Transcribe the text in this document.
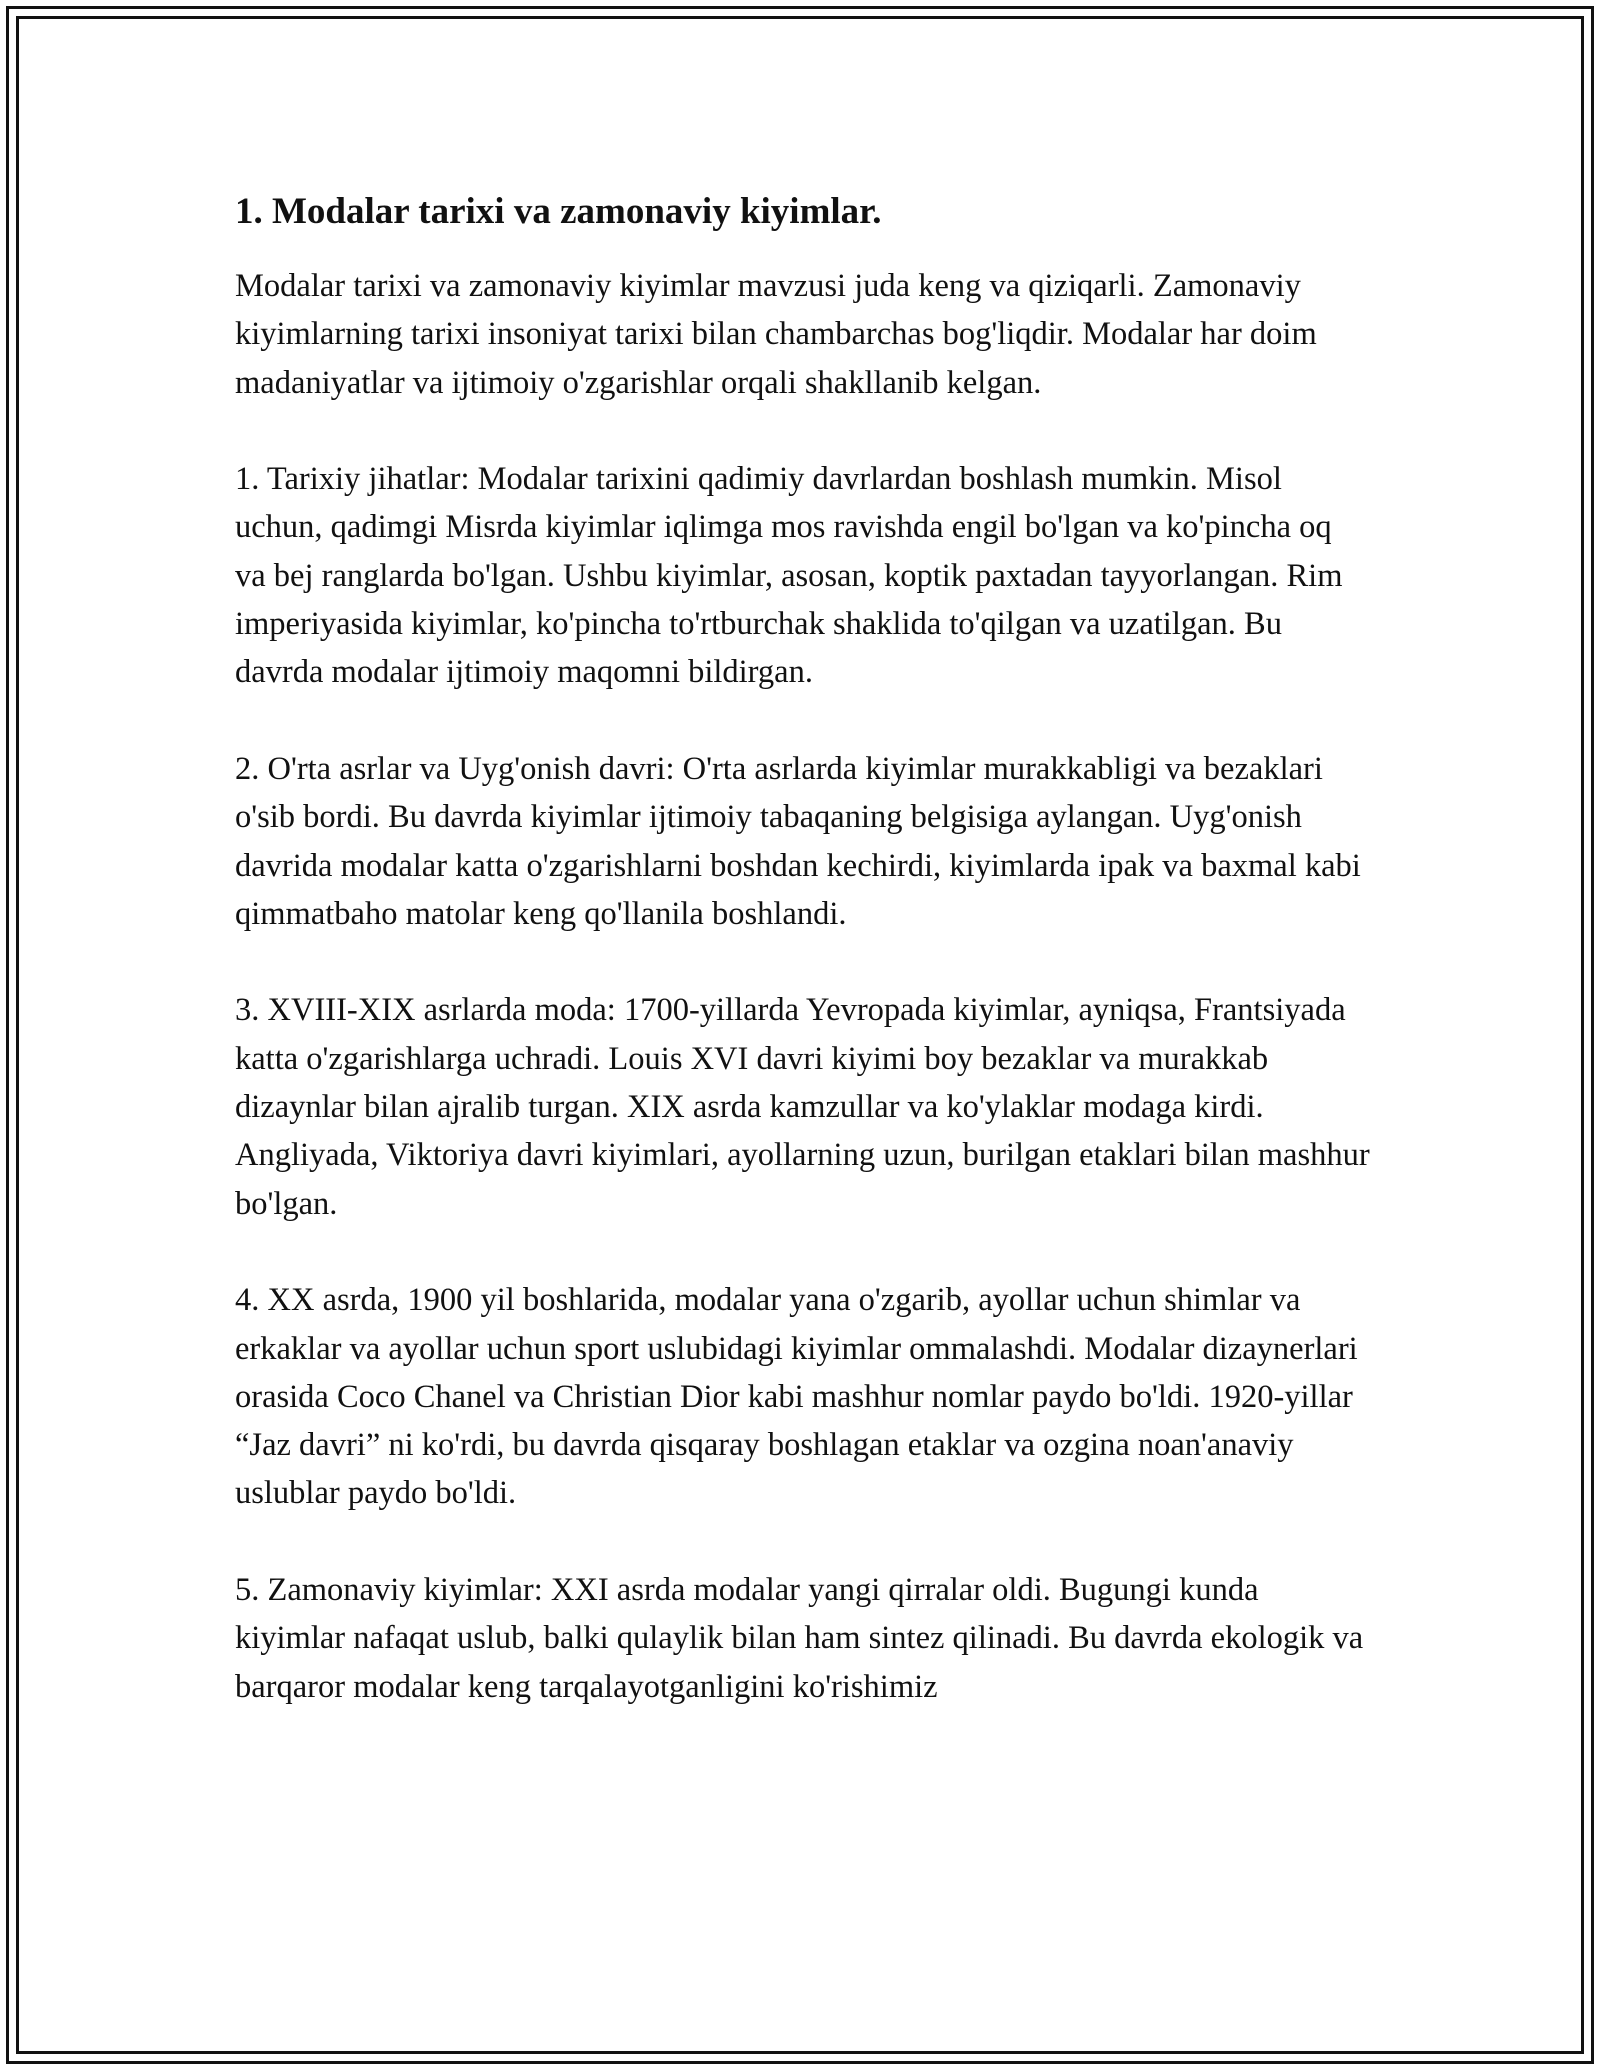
1. Modalar tarixi va zamonaviy kiyimlar.

Modalar tarixi va zamonaviy kiyimlar mavzusi juda keng va qiziqarli. Zamonaviy kiyimlarning tarixi insoniyat tarixi bilan chambarchas bog'liqdir. Modalar har doim madaniyatlar va ijtimoiy o'zgarishlar orqali shakllanib kelgan.

1. Tarixiy jihatlar: Modalar tarixini qadimiy davrlardan boshlash mumkin. Misol uchun, qadimgi Misrda kiyimlar iqlimga mos ravishda engil bo'lgan va ko'pincha oq va bej ranglarda bo'lgan. Ushbu kiyimlar, asosan, koptik paxtadan tayyorlangan. Rim imperiyasida kiyimlar, ko'pincha to'rtburchak shaklida to'qilgan va uzatilgan. Bu davrda modalar ijtimoiy maqomni bildirgan.

2. O'rta asrlar va Uyg'onish davri: O'rta asrlarda kiyimlar murakkabligi va bezaklari o'sib bordi. Bu davrda kiyimlar ijtimoiy tabaqaning belgisiga aylangan. Uyg'onish davrida modalar katta o'zgarishlarni boshdan kechirdi, kiyimlarda ipak va baxmal kabi qimmatbaho matolar keng qo'llanila boshlandi.

3. XVIII-XIX asrlarda moda: 1700-yillarda Yevropada kiyimlar, ayniqsa, Frantsiyada katta o'zgarishlarga uchradi. Louis XVI davri kiyimi boy bezaklar va murakkab dizaynlar bilan ajralib turgan. XIX asrda kamzullar va ko'ylaklar modaga kirdi. Angliyada, Viktoriya davri kiyimlari, ayollarning uzun, burilgan etaklari bilan mashhur bo'lgan.

4. XX asrda, 1900 yil boshlarida, modalar yana o'zgarib, ayollar uchun shimlar va erkaklar va ayollar uchun sport uslubidagi kiyimlar ommalashdi. Modalar dizaynerlari orasida Coco Chanel va Christian Dior kabi mashhur nomlar paydo bo'ldi. 1920-yillar “Jaz davri” ni ko'rdi, bu davrda qisqaray boshlagan etaklar va ozgina noan'anaviy uslublar paydo bo'ldi.

5. Zamonaviy kiyimlar: XXI asrda modalar yangi qirralar oldi. Bugungi kunda kiyimlar nafaqat uslub, balki qulaylik bilan ham sintez qilinadi. Bu davrda ekologik va barqaror modalar keng tarqalayotganligini ko'rishimiz
